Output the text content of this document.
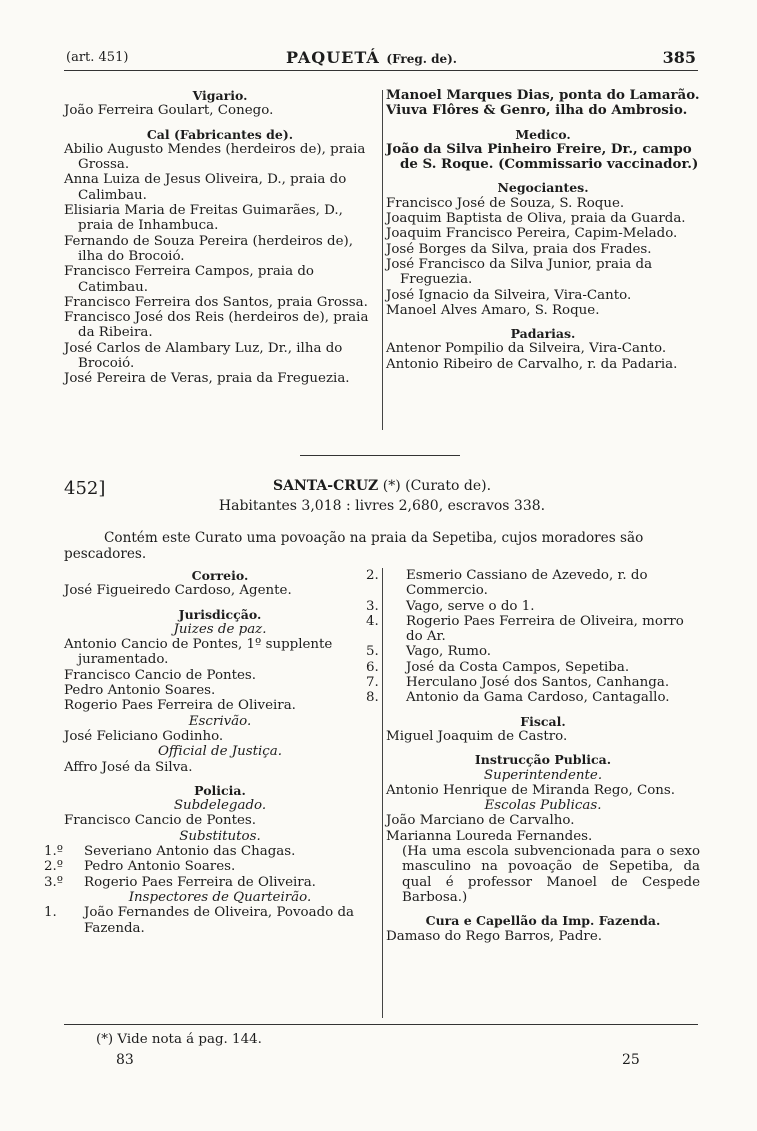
(art. 451)	PAQUETÁ (Freg. de).	385

Vigario.

João Ferreira Goulart, Conego.

Cal (Fabricantes de).

Abilio Augusto Mendes (herdeiros de), praia Grossa.

Anna Luiza de Jesus Oliveira, D., praia do Calimbau.

Elisiaria Maria de Freitas Guimarães, D., praia de Inhambuca.

Fernando de Souza Pereira (herdeiros de), ilha do Brocoió.

Francisco Ferreira Campos, praia do Catimbau.

Francisco Ferreira dos Santos, praia Grossa.

Francisco José dos Reis (herdeiros de), praia da Ribeira.

José Carlos de Alambary Luz, Dr., ilha do Brocoió.

José Pereira de Veras, praia da Freguezia.

Manoel Marques Dias, ponta do Lamarão.

Viuva Flôres & Genro, ilha do Ambrosio.

Medico.

João da Silva Pinheiro Freire, Dr., campo de S. Roque. (Commissario vaccinador.)

Negociantes.

Francisco José de Souza, S. Roque.

Joaquim Baptista de Oliva, praia da Guarda.

Joaquim Francisco Pereira, Capim-Melado.

José Borges da Silva, praia dos Frades.

José Francisco da Silva Junior, praia da Freguezia.

José Ignacio da Silveira, Vira-Canto.

Manoel Alves Amaro, S. Roque.

Padarias.

Antenor Pompilio da Silveira, Vira-Canto.

Antonio Ribeiro de Carvalho, r. da Padaria.

452]	SANTA-CRUZ (*) (Curato de).
Habitantes 3,018 : livres 2,680, escravos 338.
Contém este Curato uma povoação na praia da Sepetiba, cujos moradores são pescadores.

Correio.

José Figueiredo Cardoso, Agente.

Jurisdicção.

Juizes de paz.

Antonio Cancio de Pontes, 1º supplente juramentado.

Francisco Cancio de Pontes.

Pedro Antonio Soares.

Rogerio Paes Ferreira de Oliveira.

Escrivão.

José Feliciano Godinho.

Official de Justiça.

Affro José da Silva.

Policia.

Subdelegado.

Francisco Cancio de Pontes.

Substitutos.

1.º Severiano Antonio das Chagas.

2.º Pedro Antonio Soares.

3.º Rogerio Paes Ferreira de Oliveira.

Inspectores de Quarteirão.

1. João Fernandes de Oliveira, Povoado da Fazenda.

2. Esmerio Cassiano de Azevedo, r. do Commercio.

3. Vago, serve o do 1.

4. Rogerio Paes Ferreira de Oliveira, morro do Ar.

5. Vago, Rumo.

6. José da Costa Campos, Sepetiba.

7. Herculano José dos Santos, Canhanga.

8. Antonio da Gama Cardoso, Cantagallo.

Fiscal.

Miguel Joaquim de Castro.

Instrucção Publica.

Superintendente.

Antonio Henrique de Miranda Rego, Cons.

Escolas Publicas.

João Marciano de Carvalho.

Marianna Loureda Fernandes.

(Ha uma escola subvencionada para o sexo masculino na povoação de Sepetiba, da qual é professor Manoel de Cespede Barbosa.)

Cura e Capellão da Imp. Fazenda.

Damaso do Rego Barros, Padre.

(*) Vide nota á pag. 144.
83	25
